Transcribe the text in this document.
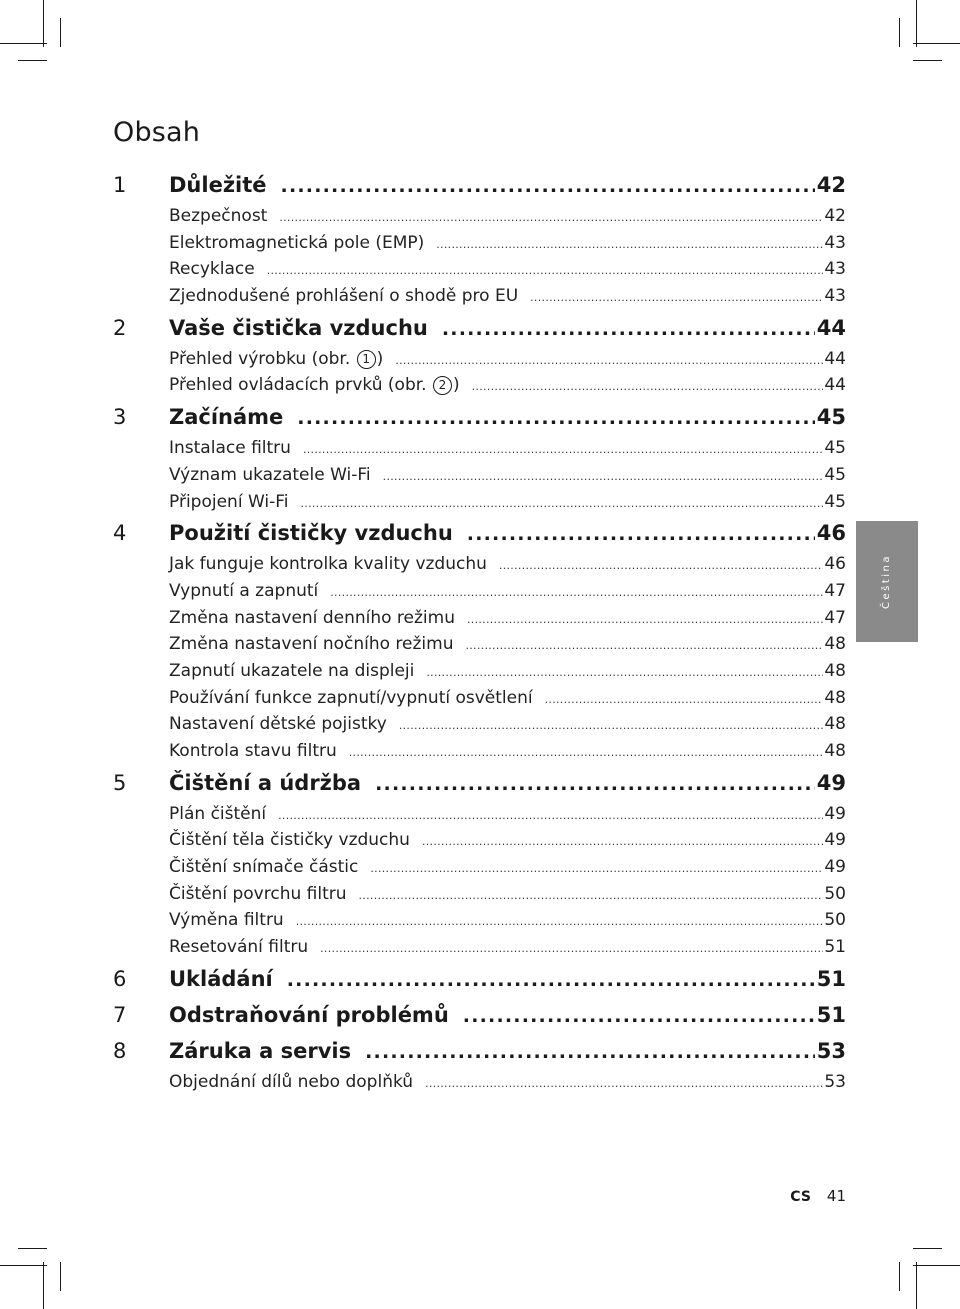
Obsah
1	Důležité .....	42
Bezpečnost .....	42
Elektromagnetická pole (EMP) .....	43
Recyklace .....	43
Zjednodušené prohlášení o shodě pro EU .....	43
2	Vaše čistička vzduchu .....	44
Přehled výrobku (obr. 1 ) .....	44
Přehled ovládacích prvků (obr. 2 ) .....	44
3	Začínáme .....	45
Instalace filtru .....	45
Význam ukazatele Wi-Fi .....	45
Připojení Wi-Fi .....	45
4	Použití čističky vzduchu .....	46
Jak funguje kontrolka kvality vzduchu .....	46
Vypnutí a zapnutí .....	47
Změna nastavení denního režimu .....	47
Změna nastavení nočního režimu .....	48
Zapnutí ukazatele na displeji .....	48
Používání funkce zapnutí/vypnutí osvětlení .....	48
Nastavení dětské pojistky .....	48
Kontrola stavu filtru .....	48
5	Čištění a údržba .....	49
Plán čištění .....	49
Čištění těla čističky vzduchu .....	49
Čištění snímače částic .....	49
Čištění povrchu filtru .....	50
Výměna filtru .....	50
Resetování filtru .....	51
6	Ukládání .....	51
7	Odstraňování problémů .....	51
8	Záruka a servis .....	53
Objednání dílů nebo doplňků .....	53
Čeština
CS 41
